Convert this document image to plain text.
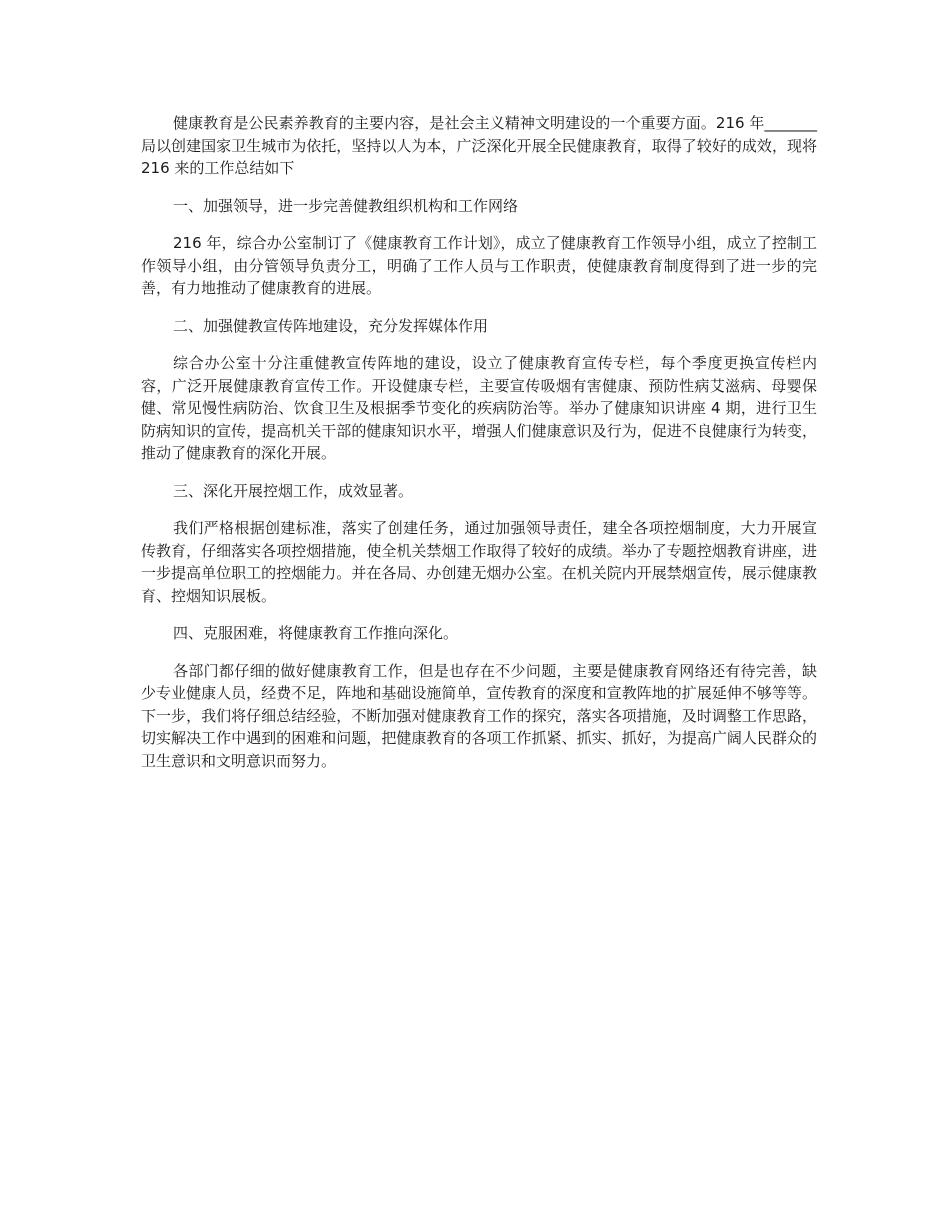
健康教育是公民素养教育的主要内容，是社会主义精神文明建设的一个重要方面。216 年_______局以创建国家卫生城市为依托，坚持以人为本，广泛深化开展全民健康教育，取得了较好的成效，现将 216 来的工作总结如下

一、加强领导，进一步完善健教组织机构和工作网络

216 年，综合办公室制订了《健康教育工作计划》，成立了健康教育工作领导小组，成立了控制工作领导小组，由分管领导负责分工，明确了工作人员与工作职责，使健康教育制度得到了进一步的完善，有力地推动了健康教育的进展。

二、加强健教宣传阵地建设，充分发挥媒体作用

综合办公室十分注重健教宣传阵地的建设，设立了健康教育宣传专栏，每个季度更换宣传栏内容，广泛开展健康教育宣传工作。开设健康专栏，主要宣传吸烟有害健康、预防性病艾滋病、母婴保健、常见慢性病防治、饮食卫生及根据季节变化的疾病防治等。举办了健康知识讲座 4 期，进行卫生防病知识的宣传，提高机关干部的健康知识水平，增强人们健康意识及行为，促进不良健康行为转变，推动了健康教育的深化开展。

三、深化开展控烟工作，成效显著。

我们严格根据创建标准，落实了创建任务，通过加强领导责任，建全各项控烟制度，大力开展宣传教育，仔细落实各项控烟措施，使全机关禁烟工作取得了较好的成绩。举办了专题控烟教育讲座，进一步提高单位职工的控烟能力。并在各局、办创建无烟办公室。在机关院内开展禁烟宣传，展示健康教育、控烟知识展板。

四、克服困难，将健康教育工作推向深化。

各部门都仔细的做好健康教育工作，但是也存在不少问题，主要是健康教育网络还有待完善，缺少专业健康人员，经费不足，阵地和基础设施简单，宣传教育的深度和宣教阵地的扩展延伸不够等等。下一步，我们将仔细总结经验，不断加强对健康教育工作的探究，落实各项措施，及时调整工作思路，切实解决工作中遇到的困难和问题，把健康教育的各项工作抓紧、抓实、抓好，为提高广阔人民群众的卫生意识和文明意识而努力。
